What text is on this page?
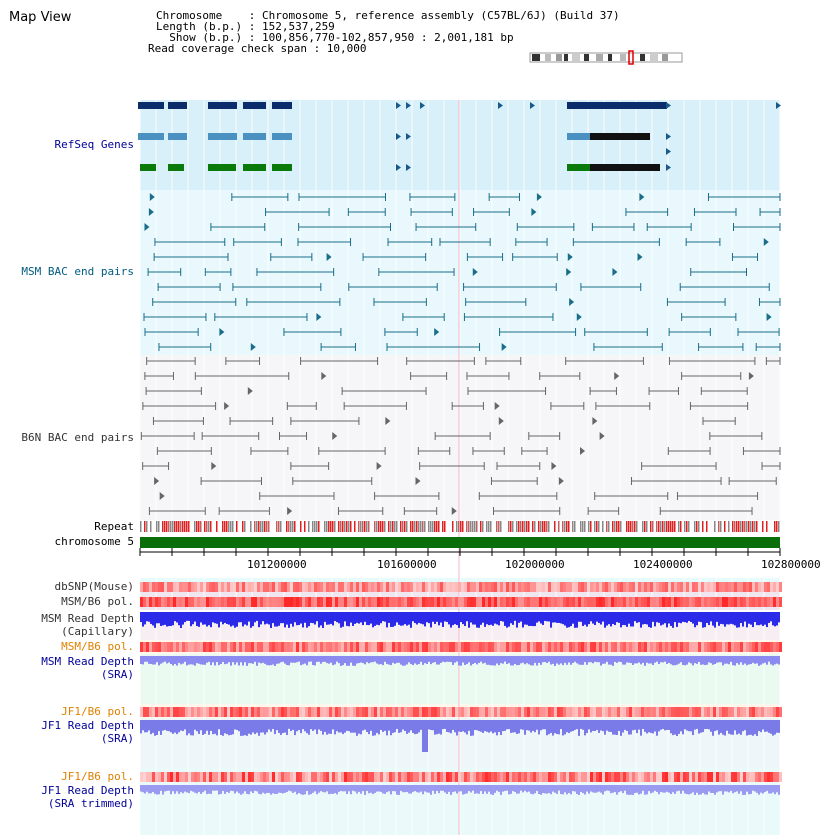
Map View	Chromosome    : Chromosome 5, reference assembly (C57BL/6J) (Build 37)
Length (b.p.) : 152,537,259
Show (b.p.) : 100,856,770-102,857,950 : 2,001,181 bp
Read coverage check span : 10,000
RefSeq Genes
MSM BAC end pairs
B6N BAC end pairs
Repeat
chromosome 5
dbSNP(Mouse)
MSM/B6 pol.
MSM Read Depth
(Capillary)
MSM/B6 pol.
MSM Read Depth
(SRA)
JF1/B6 pol.
JF1 Read Depth
(SRA)
JF1/B6 pol.
JF1 Read Depth
(SRA trimmed)
101200000	101600000	102000000	102400000	102800000
